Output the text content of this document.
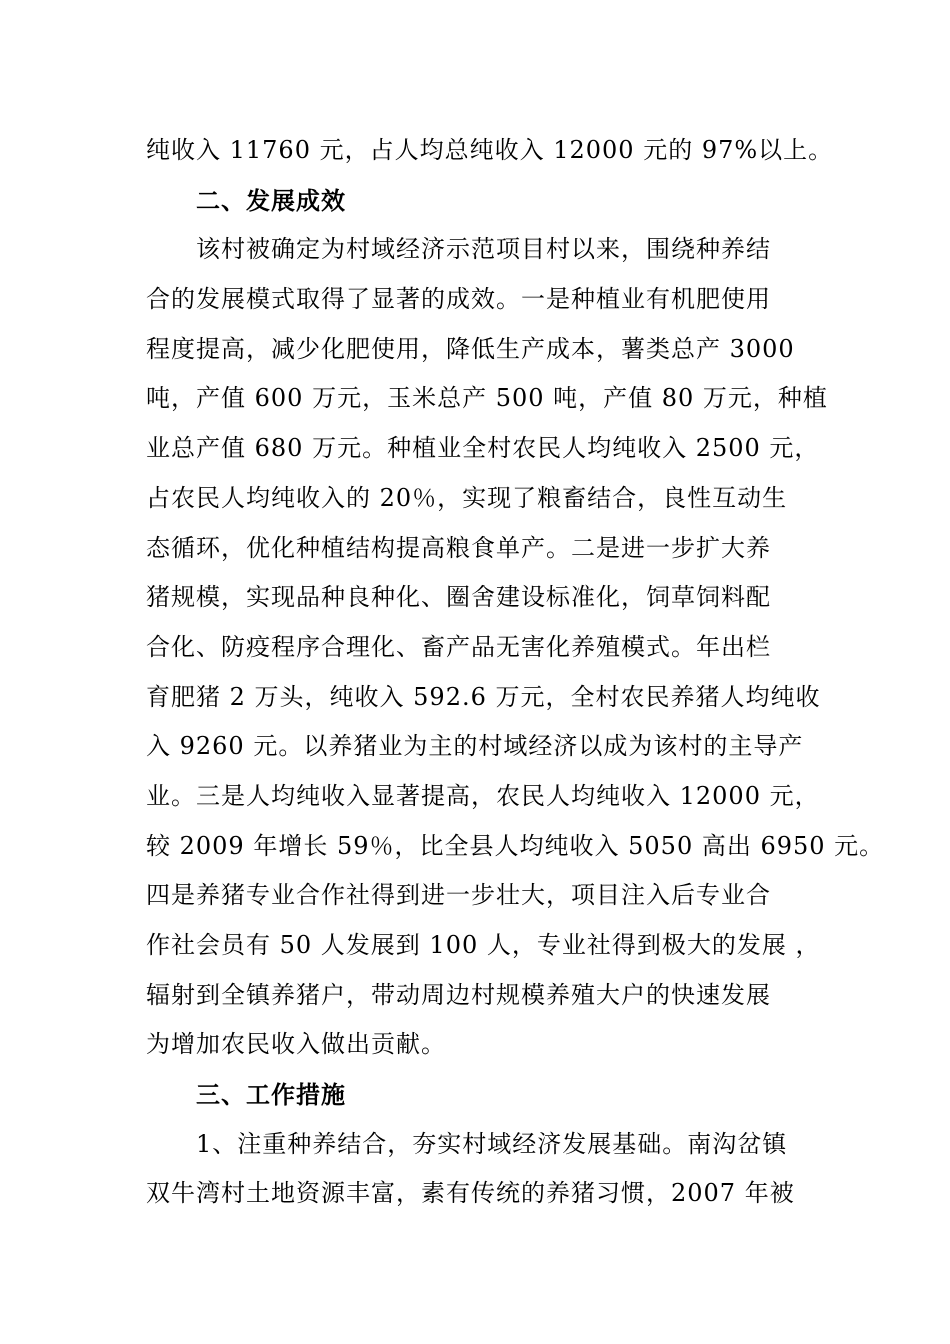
纯收入 11760 元，占人均总纯收入 12000 元的 97%以上。
二、发展成效
该村被确定为村域经济示范项目村以来，围绕种养结
合的发展模式取得了显著的成效。一是种植业有机肥使用
程度提高，减少化肥使用，降低生产成本，薯类总产 3000
吨，产值 600 万元，玉米总产 500 吨，产值 80 万元，种植
业总产值 680 万元。种植业全村农民人均纯收入 2500 元，
占农民人均纯收入的 20％，实现了粮畜结合，良性互动生
态循环，优化种植结构提高粮食单产。二是进一步扩大养
猪规模，实现品种良种化、圈舍建设标准化，饲草饲料配
合化、防疫程序合理化、畜产品无害化养殖模式。年出栏
育肥猪 2 万头，纯收入 592.6 万元，全村农民养猪人均纯收
入 9260 元。以养猪业为主的村域经济以成为该村的主导产
业。三是人均纯收入显著提高，农民人均纯收入 12000 元，
较 2009 年增长 59％，比全县人均纯收入 5050 高出 6950 元。
四是养猪专业合作社得到进一步壮大，项目注入后专业合
作社会员有 50 人发展到 100 人，专业社得到极大的发展 ，
辐射到全镇养猪户，带动周边村规模养殖大户的快速发展
为增加农民收入做出贡献。
三、工作措施
1、注重种养结合，夯实村域经济发展基础。南沟岔镇
双牛湾村土地资源丰富，素有传统的养猪习惯，2007 年被
